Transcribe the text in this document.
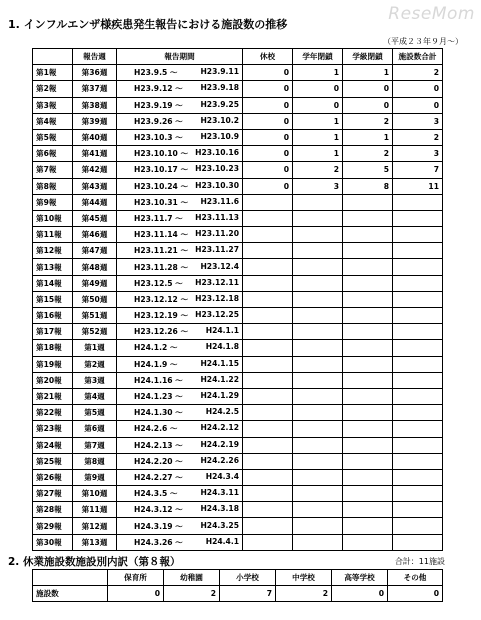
ReseMom
1. インフルエンザ様疾患発生報告における施設数の推移
（平成２３年９月～）
	報告週	報告期間	休校	学年閉鎖	学級閉鎖	施設数合計
第1報	第36週	H23.9.5 ～ H23.9.11	0	1	1	2
第2報	第37週	H23.9.12 ～ H23.9.18	0	0	0	0
第3報	第38週	H23.9.19 ～ H23.9.25	0	0	0	0
第4報	第39週	H23.9.26 ～ H23.10.2	0	1	2	3
第5報	第40週	H23.10.3 ～ H23.10.9	0	1	1	2
第6報	第41週	H23.10.10 ～ H23.10.16	0	1	2	3
第7報	第42週	H23.10.17 ～ H23.10.23	0	2	5	7
第8報	第43週	H23.10.24 ～ H23.10.30	0	3	8	11
第9報	第44週	H23.10.31 ～ H23.11.6				

第10報	第45週	H23.11.7 ～ H23.11.13				

第11報	第46週	H23.11.14 ～ H23.11.20				

第12報	第47週	H23.11.21 ～ H23.11.27				

第13報	第48週	H23.11.28 ～ H23.12.4				

第14報	第49週	H23.12.5 ～ H23.12.11				

第15報	第50週	H23.12.12 ～ H23.12.18				

第16報	第51週	H23.12.19 ～ H23.12.25				

第17報	第52週	H23.12.26 ～ H24.1.1				

第18報	第1週	H24.1.2 ～ H24.1.8				

第19報	第2週	H24.1.9 ～ H24.1.15				

第20報	第3週	H24.1.16 ～ H24.1.22				

第21報	第4週	H24.1.23 ～ H24.1.29				

第22報	第5週	H24.1.30 ～ H24.2.5				

第23報	第6週	H24.2.6 ～ H24.2.12				

第24報	第7週	H24.2.13 ～ H24.2.19				

第25報	第8週	H24.2.20 ～ H24.2.26				

第26報	第9週	H24.2.27 ～ H24.3.4				

第27報	第10週	H24.3.5 ～ H24.3.11				

第28報	第11週	H24.3.12 ～ H24.3.18				

第29報	第12週	H24.3.19 ～ H24.3.25				

第30報	第13週	H24.3.26 ～ H24.4.1				

2. 休業施設数施設別内訳（第８報）	合計：11施設
	保育所	幼稚園	小学校	中学校	高等学校	その他
施設数	0	2	7	2	0	0
